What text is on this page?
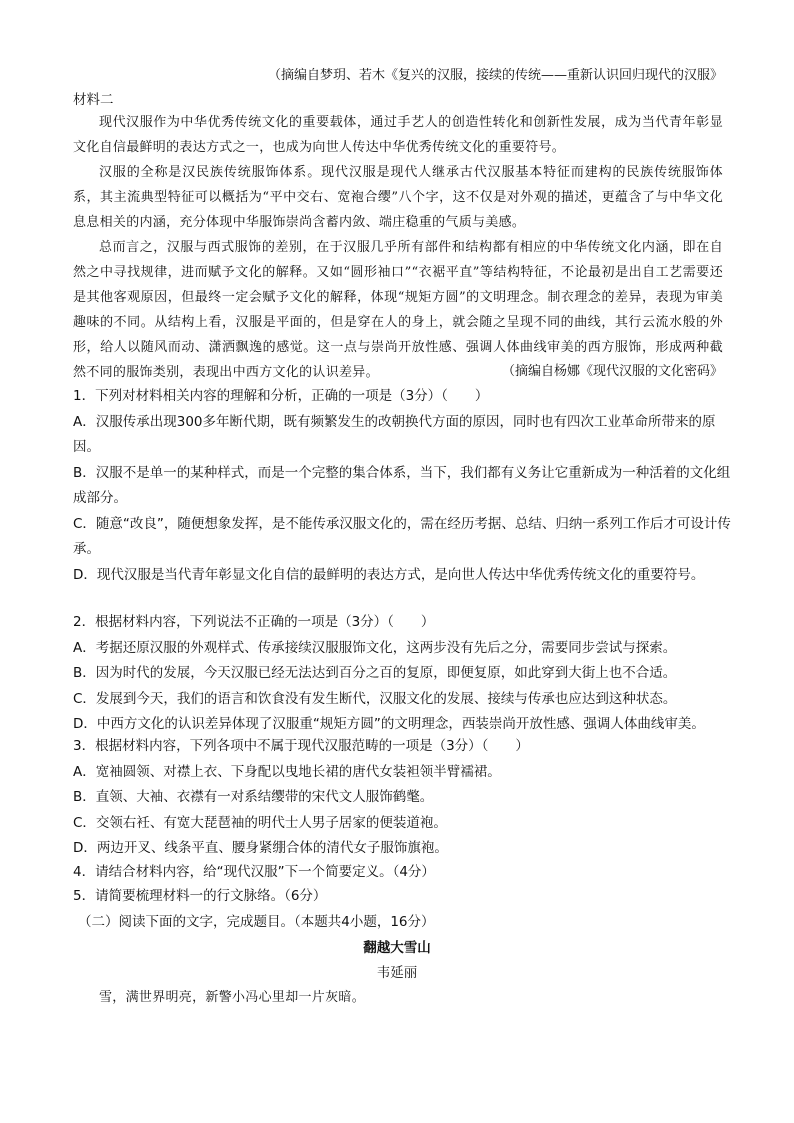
（摘编自梦玥、若木《复兴的汉服，接续的传统——重新认识回归现代的汉服》
材料二

现代汉服作为中华优秀传统文化的重要载体，通过手艺人的创造性转化和创新性发展，成为当代青年彰显文化自信最鲜明的表达方式之一，也成为向世人传达中华优秀传统文化的重要符号。

汉服的全称是汉民族传统服饰体系。现代汉服是现代人继承古代汉服基本特征而建构的民族传统服饰体系，其主流典型特征可以概括为“平中交右、宽袍合缨”八个字，这不仅是对外观的描述，更蕴含了与中华文化息息相关的内涵，充分体现中华服饰崇尚含蓄内敛、端庄稳重的气质与美感。

总而言之，汉服与西式服饰的差别，在于汉服几乎所有部件和结构都有相应的中华传统文化内涵，即在自然之中寻找规律，进而赋予文化的解释。又如“圆形袖口”“衣裾平直”等结构特征，不论最初是出自工艺需要还是其他客观原因，但最终一定会赋予文化的解释，体现“规矩方圆”的文明理念。制衣理念的差异，表现为审美趣味的不同。从结构上看，汉服是平面的，但是穿在人的身上，就会随之呈现不同的曲线，其行云流水般的外形，给人以随风而动、潇洒飘逸的感觉。这一点与崇尚开放性感、强调人体曲线审美的西方服饰，形成两种截然不同的服饰类别，表现出中西方文化的认识差异。	（摘编自杨娜《现代汉服的文化密码》

1．下列对材料相关内容的理解和分析，正确的一项是（3分）（　　）

A．汉服传承出现300多年断代期，既有频繁发生的改朝换代方面的原因，同时也有四次工业革命所带来的原因。

B．汉服不是单一的某种样式，而是一个完整的集合体系，当下，我们都有义务让它重新成为一种活着的文化组成部分。

C．随意“改良”，随便想象发挥，是不能传承汉服文化的，需在经历考据、总结、归纳一系列工作后才可设计传承。

D．现代汉服是当代青年彰显文化自信的最鲜明的表达方式，是向世人传达中华优秀传统文化的重要符号。

2．根据材料内容，下列说法不正确的一项是（3分）（　　）

A．考据还原汉服的外观样式、传承接续汉服服饰文化，这两步没有先后之分，需要同步尝试与探索。

B．因为时代的发展，今天汉服已经无法达到百分之百的复原，即便复原，如此穿到大街上也不合适。

C．发展到今天，我们的语言和饮食没有发生断代，汉服文化的发展、接续与传承也应达到这种状态。

D．中西方文化的认识差异体现了汉服重“规矩方圆”的文明理念，西装崇尚开放性感、强调人体曲线审美。

3．根据材料内容，下列各项中不属于现代汉服范畴的一项是（3分）（　　）

A．宽袖圆领、对襟上衣、下身配以曳地长裙的唐代女装袒领半臂襦裙。

B．直领、大袖、衣襟有一对系结缨带的宋代文人服饰鹤氅。

C．交领右衽、有宽大琵琶袖的明代士人男子居家的便装道袍。

D．两边开叉、线条平直、腰身紧绷合体的清代女子服饰旗袍。

4．请结合材料内容，给“现代汉服”下一个简要定义。（4分）
5．请简要梳理材料一的行文脉络。（6分）
（二）阅读下面的文字，完成题目。（本题共4小题，16分）
翻越大雪山
韦延丽

雪，满世界明亮，新警小冯心里却一片灰暗。
